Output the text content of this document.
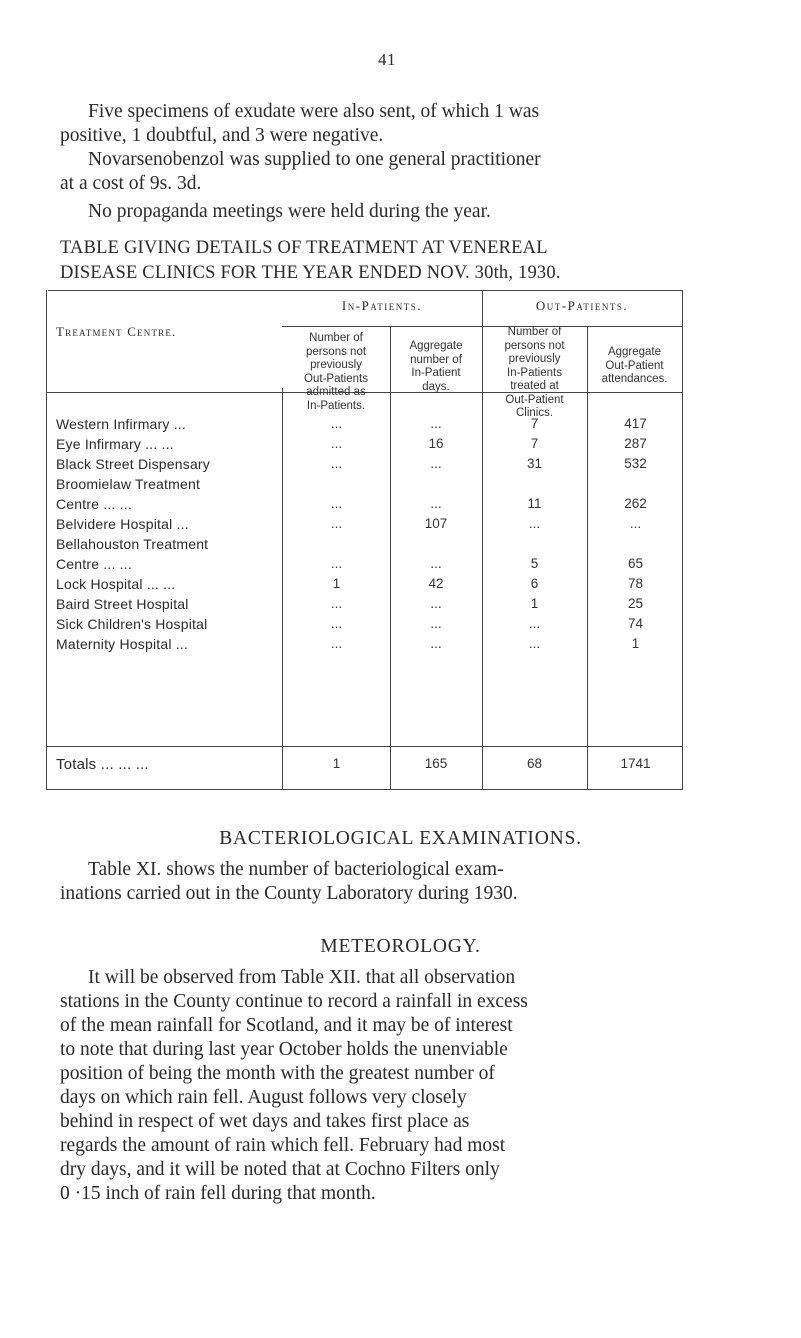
41
Five specimens of exudate were also sent, of which 1 was
positive, 1 doubtful, and 3 were negative.
Novarsenobenzol was supplied to one general practitioner
at a cost of 9s. 3d.
No propaganda meetings were held during the year.
TABLE GIVING DETAILS OF TREATMENT AT VENEREAL
DISEASE CLINICS FOR THE YEAR ENDED NOV. 30th, 1930.
Treatment Centre.
In-Patients.	Out-Patients.
Number of
persons not
previously
Out-Patients
admitted as
In-Patients.
Aggregate
number of
In-Patient
days.
Number of
persons not
previously
In-Patients
treated at
Out-Patient
Clinics.
Aggregate
Out-Patient
attendances.
Western Infirmary ...	...	...	7	417
Eye Infirmary ... ...	...	16	7	287
Black Street Dispensary	...	...	31	532
Broomielaw Treatment
Centre ... ...	...	...	11	262
Belvidere Hospital ...	...	107	...	...
Bellahouston Treatment
Centre ... ...	...	...	5	65
Lock Hospital ... ...	1	42	6	78
Baird Street Hospital	...	...	1	25
Sick Children's Hospital	...	...	...	74
Maternity Hospital ...	...	...	...	1
Totals ... ... ...	1	165	68	1741
BACTERIOLOGICAL EXAMINATIONS.
Table XI. shows the number of bacteriological exam-
inations carried out in the County Laboratory during 1930.
METEOROLOGY.
It will be observed from Table XII. that all observation
stations in the County continue to record a rainfall in excess
of the mean rainfall for Scotland, and it may be of interest
to note that during last year October holds the unenviable
position of being the month with the greatest number of
days on which rain fell. August follows very closely
behind in respect of wet days and takes first place as
regards the amount of rain which fell. February had most
dry days, and it will be noted that at Cochno Filters only
0 ·15 inch of rain fell during that month.
